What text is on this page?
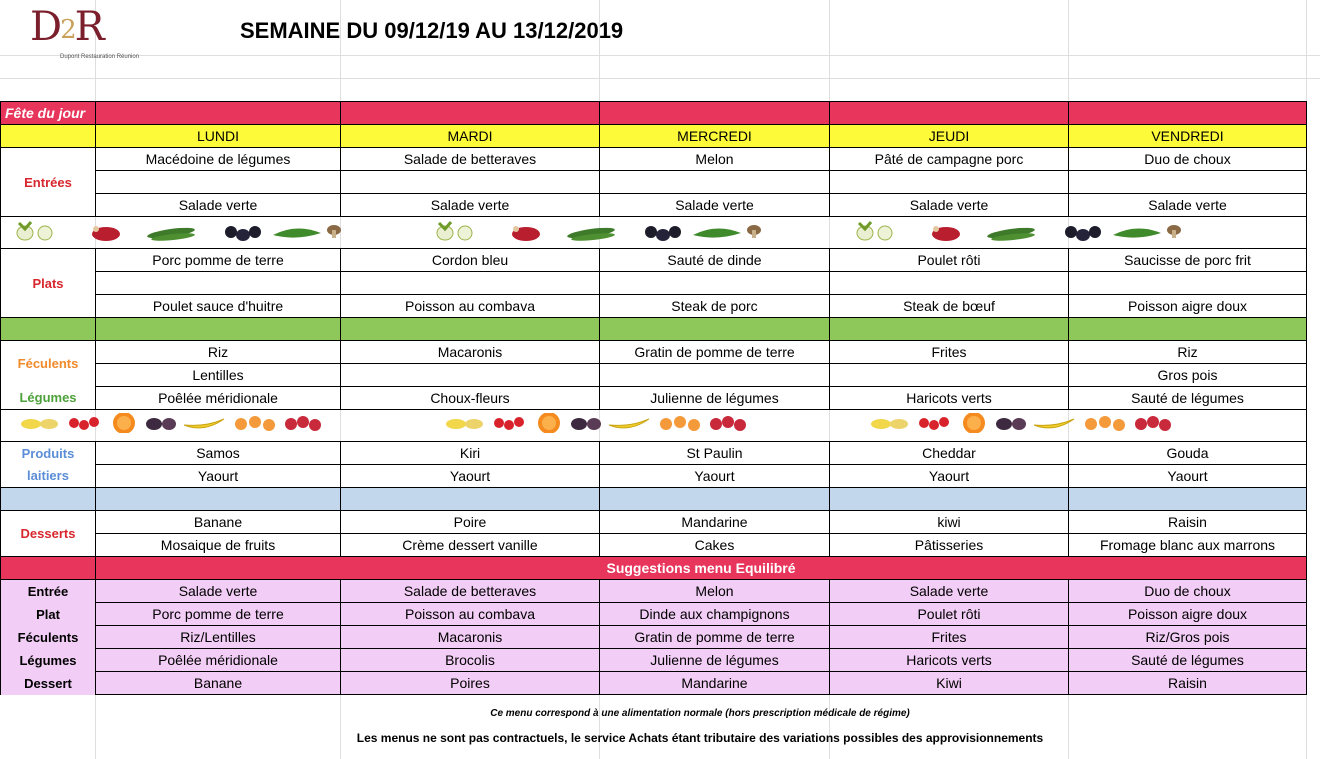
D2R
Dupont Restauration Réunion
SEMAINE DU 09/12/19 AU 13/12/2019
Fête du jour					
	LUNDI	MARDI	MERCREDI	JEUDI	VENDREDI
Entrées	Macédoine de légumes	Salade de betteraves	Melon	Pâté de campagne porc	Duo de choux

	Salade verte	Salade verte	Salade verte	Salade verte	Salade verte

Plats	Porc pomme de terre	Cordon bleu	Sauté de dinde	Poulet rôti	Saucisse de porc frit

	Poulet sauce d'huitre	Poisson au combava	Steak de porc	Steak de bœuf	Poisson aigre doux

Féculents	Riz	Macaronis	Gratin de pomme de terre	Frites	Riz
	Lentilles				Gros pois
Légumes	Poêlée méridionale	Choux-fleurs	Julienne de légumes	Haricots verts	Sauté de légumes

Produits	Samos	Kiri	St Paulin	Cheddar	Gouda
laitiers	Yaourt	Yaourt	Yaourt	Yaourt	Yaourt

Desserts	Banane	Poire	Mandarine	kiwi	Raisin
	Mosaique de fruits	Crème dessert vanille	Cakes	Pâtisseries	Fromage blanc aux marrons
	Suggestions menu Equilibré				
Entrée	Salade verte	Salade de betteraves	Melon	Salade verte	Duo de choux
Plat	Porc pomme de terre	Poisson au combava	Dinde aux champignons	Poulet rôti	Poisson aigre doux
Féculents	Riz/Lentilles	Macaronis	Gratin de pomme de terre	Frites	Riz/Gros pois
Légumes	Poêlée méridionale	Brocolis	Julienne de légumes	Haricots verts	Sauté de légumes
Dessert	Banane	Poires	Mandarine	Kiwi	Raisin
Ce menu correspond à une alimentation normale (hors prescription médicale de régime)
Les menus ne sont pas contractuels, le service Achats étant tributaire des variations possibles des approvisionnements
